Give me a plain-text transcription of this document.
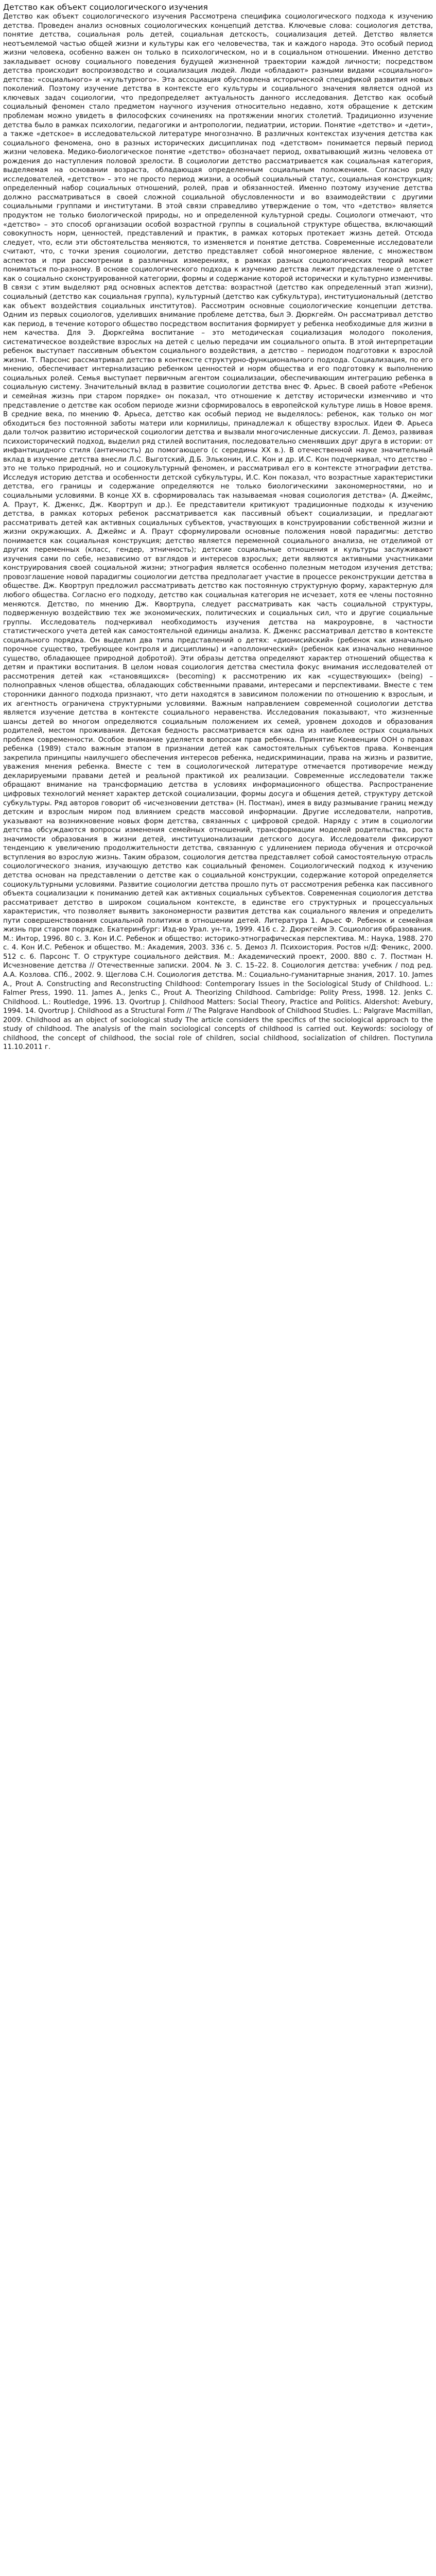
Детство как объект социологического изучения

Детство как объект социологического изучения Рассмотрена специфика социологического подхода к изучению детства. Проведен анализ основных социологических концепций детства. Ключевые слова: социология детства, понятие детства, социальная роль детей, социальная детскость, социализация детей. Детство является неотъемлемой частью общей жизни и культуры как его человечества, так и каждого народа. Это особый период жизни человека, особенно важен он только в психологическом, но и в социальном отношении. Именно детство закладывает основу социального поведения будущей жизненной траектории каждой личности; посредством детства происходит воспроизводство и социализация людей. Люди «обладают» разными видами «социального» детства: «социального» и «культурного». Эта ассоциация обусловлена исторической спецификой развития новых поколений. Поэтому изучение детства в контексте его культуры и социального значения является одной из ключевых задач социологии, что предопределяет актуальность данного исследования. Детство как особый социальный феномен стало предметом научного изучения относительно недавно, хотя обращение к детским проблемам можно увидеть в философских сочинениях на протяжении многих столетий. Традиционно изучение детства было в рамках психологии, педагогики и антропологии, педиатрии, истории. Понятие «детство» и «дети», а также «детское» в исследовательской литературе многозначно. В различных контекстах изучения детства как социального феномена, оно в разных исторических дисциплинах под «детством» понимается первый период жизни человека. Медико-биологическое понятие «детство» обозначает период, охватывающий жизнь человека от рождения до наступления половой зрелости. В социологии детство рассматривается как социальная категория, выделяемая на основании возраста, обладающая определенным социальным положением. Согласно ряду исследователей, «детство» – это не просто период жизни, а особый социальный статус, социальная конструкция; определенный набор социальных отношений, ролей, прав и обязанностей. Именно поэтому изучение детства должно рассматриваться в своей сложной социальной обусловленности и во взаимодействии с другими социальными группами и институтами. В этой связи справедливо утверждение о том, что «детство» является продуктом не только биологической природы, но и определенной культурной среды. Социологи отмечают, что «детство» – это способ организации особой возрастной группы в социальной структуре общества, включающий совокупность норм, ценностей, представлений и практик, в рамках которых протекает жизнь детей. Отсюда следует, что, если эти обстоятельства меняются, то изменяется и понятие детства. Современные исследователи считают, что, с точки зрения социологии, детство представляет собой многомерное явление, с множеством аспектов и при рассмотрении в различных измерениях, в рамках разных социологических теорий может пониматься по-разному. В основе социологического подхода к изучению детства лежит представление о детстве как о социально сконструированной категории, формы и содержание которой исторически и культурно изменчивы. В связи с этим выделяют ряд основных аспектов детства: возрастной (детство как определенный этап жизни), социальный (детство как социальная группа), культурный (детство как субкультура), институциональный (детство как объект воздействия социальных институтов). Рассмотрим основные социологические концепции детства. Одним из первых социологов, уделивших внимание проблеме детства, был Э. Дюркгейм. Он рассматривал детство как период, в течение которого общество посредством воспитания формирует у ребенка необходимые для жизни в нем качества. Для Э. Дюркгейма воспитание – это методическая социализация молодого поколения, систематическое воздействие взрослых на детей с целью передачи им социального опыта. В этой интерпретации ребенок выступает пассивным объектом социального воздействия, а детство – периодом подготовки к взрослой жизни. Т. Парсонс рассматривал детство в контексте структурно-функционального подхода. Социализация, по его мнению, обеспечивает интернализацию ребенком ценностей и норм общества и его подготовку к выполнению социальных ролей. Семья выступает первичным агентом социализации, обеспечивающим интеграцию ребенка в социальную систему. Значительный вклад в развитие социологии детства внес Ф. Арьес. В своей работе «Ребенок и семейная жизнь при старом порядке» он показал, что отношение к детству исторически изменчиво и что представление о детстве как особом периоде жизни сформировалось в европейской культуре лишь в Новое время. В средние века, по мнению Ф. Арьеса, детство как особый период не выделялось: ребенок, как только он мог обходиться без постоянной заботы матери или кормилицы, принадлежал к обществу взрослых. Идеи Ф. Арьеса дали толчок развитию исторической социологии детства и вызвали многочисленные дискуссии. Л. Демоз, развивая психоисторический подход, выделил ряд стилей воспитания, последовательно сменявших друг друга в истории: от инфантицидного стиля (античность) до помогающего (с середины XX в.). В отечественной науке значительный вклад в изучение детства внесли Л.С. Выготский, Д.Б. Эльконин, И.С. Кон и др. И.С. Кон подчеркивал, что детство – это не только природный, но и социокультурный феномен, и рассматривал его в контексте этнографии детства. Исследуя историю детства и особенности детской субкультуры, И.С. Кон показал, что возрастные характеристики детства, его границы и содержание определяются не только биологическими закономерностями, но и социальными условиями. В конце XX в. сформировалась так называемая «новая социология детства» (А. Джеймс, А. Праут, К. Дженкс, Дж. Квортруп и др.). Ее представители критикуют традиционные подходы к изучению детства, в рамках которых ребенок рассматривается как пассивный объект социализации, и предлагают рассматривать детей как активных социальных субъектов, участвующих в конструировании собственной жизни и жизни окружающих. А. Джеймс и А. Праут сформулировали основные положения новой парадигмы: детство понимается как социальная конструкция; детство является переменной социального анализа, не отделимой от других переменных (класс, гендер, этничность); детские социальные отношения и культуры заслуживают изучения сами по себе, независимо от взглядов и интересов взрослых; дети являются активными участниками конструирования своей социальной жизни; этнография является особенно полезным методом изучения детства; провозглашение новой парадигмы социологии детства предполагает участие в процессе реконструкции детства в обществе. Дж. Квортруп предложил рассматривать детство как постоянную структурную форму, характерную для любого общества. Согласно его подходу, детство как социальная категория не исчезает, хотя ее члены постоянно меняются. Детство, по мнению Дж. Квортрупа, следует рассматривать как часть социальной структуры, подверженную воздействию тех же экономических, политических и социальных сил, что и другие социальные группы. Исследователь подчеркивал необходимость изучения детства на макроуровне, в частности статистического учета детей как самостоятельной единицы анализа. К. Дженкс рассматривал детство в контексте социального порядка. Он выделил два типа представлений о детях: «дионисийский» (ребенок как изначально порочное существо, требующее контроля и дисциплины) и «аполлонический» (ребенок как изначально невинное существо, обладающее природной добротой). Эти образы детства определяют характер отношений общества к детям и практики воспитания. В целом новая социология детства сместила фокус внимания исследователей от рассмотрения детей как «становящихся» (becoming) к рассмотрению их как «существующих» (being) – полноправных членов общества, обладающих собственными правами, интересами и перспективами. Вместе с тем сторонники данного подхода признают, что дети находятся в зависимом положении по отношению к взрослым, и их агентность ограничена структурными условиями. Важным направлением современной социологии детства является изучение детства в контексте социального неравенства. Исследования показывают, что жизненные шансы детей во многом определяются социальным положением их семей, уровнем доходов и образования родителей, местом проживания. Детская бедность рассматривается как одна из наиболее острых социальных проблем современности. Особое внимание уделяется вопросам прав ребенка. Принятие Конвенции ООН о правах ребенка (1989) стало важным этапом в признании детей как самостоятельных субъектов права. Конвенция закрепила принципы наилучшего обеспечения интересов ребенка, недискриминации, права на жизнь и развитие, уважения мнения ребенка. Вместе с тем в социологической литературе отмечается противоречие между декларируемыми правами детей и реальной практикой их реализации. Современные исследователи также обращают внимание на трансформацию детства в условиях информационного общества. Распространение цифровых технологий меняет характер детской социализации, формы досуга и общения детей, структуру детской субкультуры. Ряд авторов говорит об «исчезновении детства» (Н. Постман), имея в виду размывание границ между детским и взрослым миром под влиянием средств массовой информации. Другие исследователи, напротив, указывают на возникновение новых форм детства, связанных с цифровой средой. Наряду с этим в социологии детства обсуждаются вопросы изменения семейных отношений, трансформации моделей родительства, роста значимости образования в жизни детей, институционализации детского досуга. Исследователи фиксируют тенденцию к увеличению продолжительности детства, связанную с удлинением периода обучения и отсрочкой вступления во взрослую жизнь. Таким образом, социология детства представляет собой самостоятельную отрасль социологического знания, изучающую детство как социальный феномен. Социологический подход к изучению детства основан на представлении о детстве как о социальной конструкции, содержание которой определяется социокультурными условиями. Развитие социологии детства прошло путь от рассмотрения ребенка как пассивного объекта социализации к пониманию детей как активных социальных субъектов. Современная социология детства рассматривает детство в широком социальном контексте, в единстве его структурных и процессуальных характеристик, что позволяет выявить закономерности развития детства как социального явления и определить пути совершенствования социальной политики в отношении детей. Литература 1. Арьес Ф. Ребенок и семейная жизнь при старом порядке. Екатеринбург: Изд-во Урал. ун-та, 1999. 416 с. 2. Дюркгейм Э. Социология образования. М.: Интор, 1996. 80 с. 3. Кон И.С. Ребенок и общество: историко-этнографическая перспектива. М.: Наука, 1988. 270 с. 4. Кон И.С. Ребенок и общество. М.: Академия, 2003. 336 с. 5. Демоз Л. Психоистория. Ростов н/Д: Феникс, 2000. 512 с. 6. Парсонс Т. О структуре социального действия. М.: Академический проект, 2000. 880 с. 7. Постман Н. Исчезновение детства // Отечественные записки. 2004. № 3. С. 15–22. 8. Социология детства: учебник / под ред. А.А. Козлова. СПб., 2002. 9. Щеглова С.Н. Социология детства. М.: Социально-гуманитарные знания, 2017. 10. James A., Prout A. Constructing and Reconstructing Childhood: Contemporary Issues in the Sociological Study of Childhood. L.: Falmer Press, 1990. 11. James A., Jenks C., Prout A. Theorizing Childhood. Cambridge: Polity Press, 1998. 12. Jenks C. Childhood. L.: Routledge, 1996. 13. Qvortrup J. Childhood Matters: Social Theory, Practice and Politics. Aldershot: Avebury, 1994. 14. Qvortrup J. Childhood as a Structural Form // The Palgrave Handbook of Childhood Studies. L.: Palgrave Macmillan, 2009. Childhood as an object of sociological study The article considers the specifics of the sociological approach to the study of childhood. The analysis of the main sociological concepts of childhood is carried out. Keywords: sociology of childhood, the concept of childhood, the social role of children, social childhood, socialization of children. Поступила 11.10.2011 г.
